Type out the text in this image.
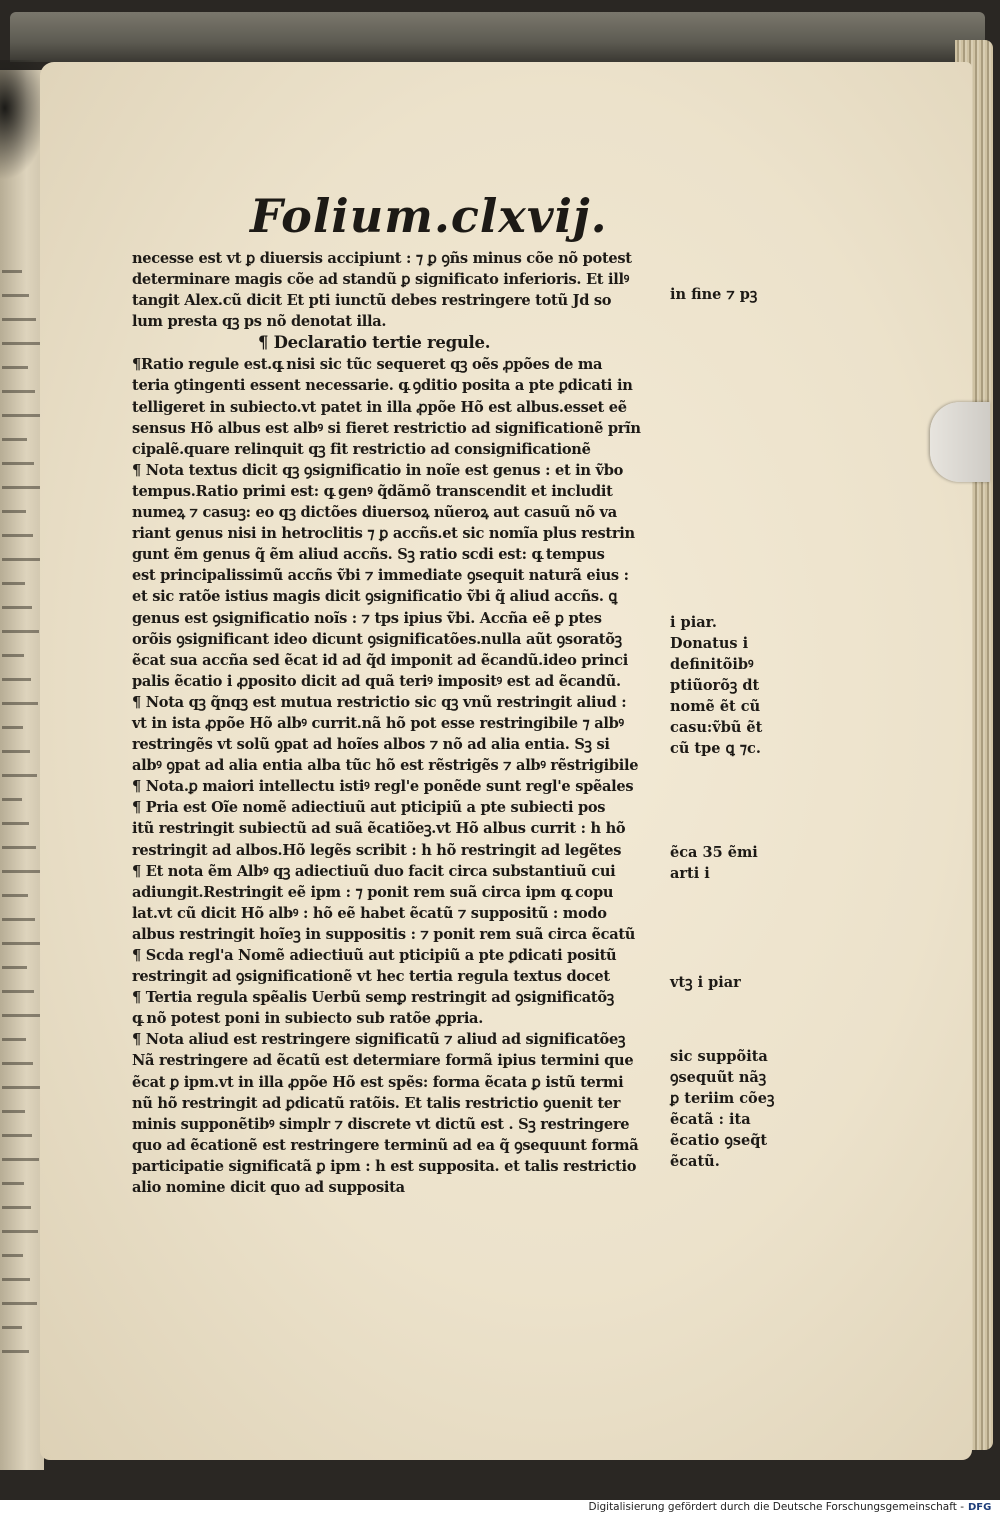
Folium.clxvij.
necesse est vt ꝑ diuersis accipiunt : ⁊ ꝑ ꝯñs minus cõe nõ potest
determinare magis cõe ad standũ ꝑ significato inferioris. Et illꝰ
tangit Alex.cũ dicit Et pti iunctũ debes restringere totũ Jd so
lum presta qꝫ ps nõ denotat illa.
¶ Declaratio tertie regule.
¶Ratio regule est.q꜡ nisi sic tũc sequeret qꝫ oẽs ꝓpões de ma
teria ꝯtingenti essent necessarie. q꜡ ꝯditio posita a pte ꝑdicati in
telligeret in subiecto.vt patet in illa ꝓpõe Hõ est albus.esset eẽ
sensus Hõ albus est albꝰ si fieret restrictio ad significationẽ prĩn
cipalẽ.quare relinquit qꝫ fit restrictio ad consignificationẽ
¶ Nota textus dicit qꝫ ꝯsignificatio in noĩe est genus : et in ṽbo
tempus.Ratio primi est: q꜡ genꝰ q̃dãmõ transcendit et includit
numeꝝ ⁊ casuꝫ: eo qꝫ dictões diuersoꝝ nũeroꝝ aut casuũ nõ va
riant genus nisi in hetroclitis ⁊ ꝑ accñs.et sic nomĩa plus restrin
gunt ẽm genus q̃ ẽm aliud accñs. Sꝫ ratio scdi est: q꜡ tempus
est principalissimũ accñs ṽbi ⁊ immediate ꝯsequit naturã eius :
et sic ratõe istius magis dicit ꝯsignificatio ṽbi q̃ aliud accñs. ꝗ
genus est ꝯsignificatio noĩs : ⁊ tps ipius ṽbi. Accña eẽ ꝑ ptes
orõis ꝯsignificant ideo dicunt ꝯsignificatões.nulla aũt ꝯsoratõꝫ
ẽcat sua accña sed ẽcat id ad q̃d imponit ad ẽcandũ.ideo princi
palis ẽcatio i ꝓposito dicit ad quã teriꝰ impositꝰ est ad ẽcandũ.
¶ Nota qꝫ q̃nqꝫ est mutua restrictio sic qꝫ vnũ restringit aliud :
vt in ista ꝓpõe Hõ albꝰ currit.nã hõ pot esse restringibile ⁊ albꝰ
restringẽs vt solũ ꝯpat ad hoĩes albos ⁊ nõ ad alia entia. Sꝫ si
albꝰ ꝯpat ad alia entia alba tũc hõ est rẽstrigẽs ⁊ albꝰ rẽstrigibile
¶ Nota.ꝑ maiori intellectu istiꝰ regl'e ponẽde sunt regl'e spẽales
¶ Pria est Oĩe nomẽ adiectiuũ aut pticipiũ a pte subiecti pos
itũ restringit subiectũ ad suã ẽcatiõeꝫ.vt Hõ albus currit : h hõ
restringit ad albos.Hõ legẽs scribit : h hõ restringit ad legẽtes
¶ Et nota ẽm Albꝰ qꝫ adiectiuũ duo facit circa substantiuũ cui
adiungit.Restringit eẽ ipm : ⁊ ponit rem suã circa ipm q꜡ copu
lat.vt cũ dicit Hõ albꝰ : hõ eẽ habet ẽcatũ ⁊ suppositũ : modo
albus restringit hoĩeꝫ in suppositis : ⁊ ponit rem suã circa ẽcatũ
¶ Scda regl'a Nomẽ adiectiuũ aut pticipiũ a pte ꝑdicati positũ
restringit ad ꝯsignificationẽ vt hec tertia regula textus docet
¶ Tertia regula spẽalis Uerbũ semꝑ restringit ad ꝯsignificatõꝫ
q꜡ nõ potest poni in subiecto sub ratõe ꝓpria.
¶ Nota aliud est restringere significatũ ⁊ aliud ad significatõeꝫ
Nã restringere ad ẽcatũ est determiare formã ipius termini que
ẽcat ꝑ ipm.vt in illa ꝓpõe Hõ est spẽs: forma ẽcata ꝑ istũ termi
nũ hõ restringit ad ꝑdicatũ ratõis. Et talis restrictio ꝯuenit ter
minis supponẽtibꝰ simplr ⁊ discrete vt dictũ est . Sꝫ restringere
quo ad ẽcationẽ est restringere terminũ ad ea q̃ ꝯsequunt formã
participatie significatã ꝑ ipm : h est supposita. et talis restrictio
alio nomine dicit quo ad supposita
in fine ⁊ pꝫ
i piar.
Donatus i
definitõibꝰ
ptiũorõꝫ dt
nomẽ ẽt cũ
casu:ṽbũ ẽt
cũ tpe ꝗ ⁊c.
ẽca 35 ẽmi
arti i
vtꝫ i piar
sic suppõita
ꝯsequũt nãꝫ
ꝑ teriim cõeꝫ
ẽcatã : ita
ẽcatio ꝯseq̃t
ẽcatũ.
Digitalisierung gefördert durch die Deutsche Forschungsgemeinschaft - DFG
